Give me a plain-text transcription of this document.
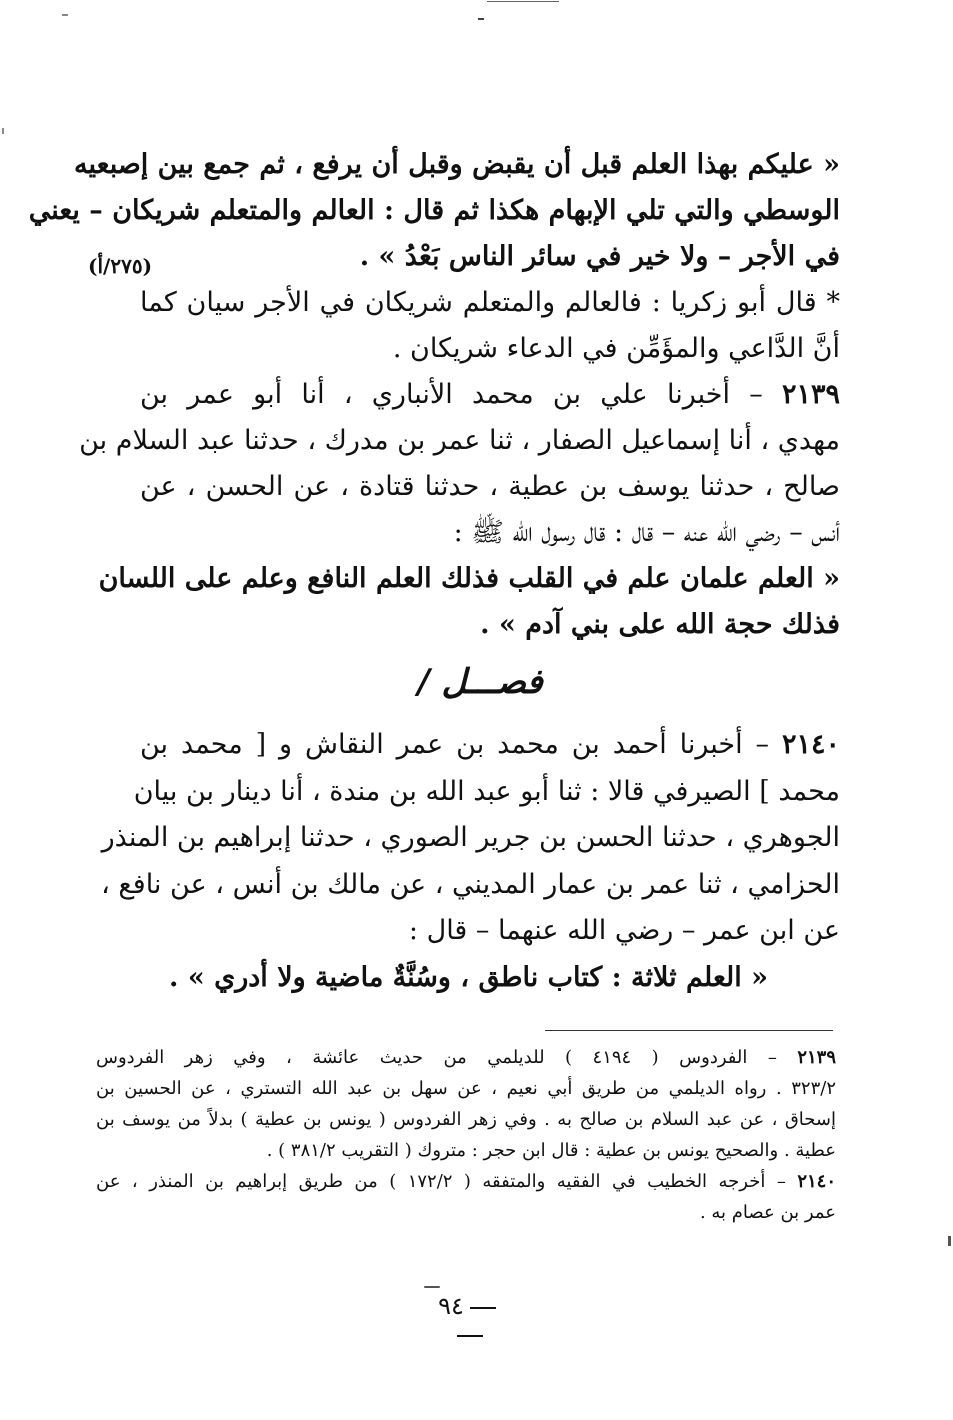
(٢٧٥/أ)
« عليكم بهذا العلم قبل أن يقبض وقبل أن يرفع ، ثم جمع بين إصبعيه
الوسطي والتي تلي الإبهام هكذا ثم قال : العالم والمتعلم شريكان – يعني
في الأجر – ولا خير في سائر الناس بَعْدُ » .
* قال أبو زكريا : فالعالم والمتعلم شريكان في الأجر سيان كما
أنَّ الدَّاعي والمؤَمِّن في الدعاء شريكان .
٢١٣٩ – أخبرنا علي بن محمد الأنباري ، أنا أبو عمر بن
مهدي ، أنا إسماعيل الصفار ، ثنا عمر بن مدرك ، حدثنا عبد السلام بن
صالح ، حدثنا يوسف بن عطية ، حدثنا قتادة ، عن الحسن ، عن
أنس – رضي الله عنه – قال : قال رسول الله ﷺ :
« العلم علمان علم في القلب فذلك العلم النافع وعلم على اللسان
فذلك حجة الله على بني آدم » .
فصـــل /
٢١٤٠ – أخبرنا أحمد بن محمد بن عمر النقاش و [ محمد بن
محمد ] الصيرفي قالا : ثنا أبو عبد الله بن مندة ، أنا دينار بن بيان
الجوهري ، حدثنا الحسن بن جرير الصوري ، حدثنا إبراهيم بن المنذر
الحزامي ، ثنا عمر بن عمار المديني ، عن مالك بن أنس ، عن نافع ،
عن ابن عمر – رضي الله عنهما – قال :
« العلم ثلاثة : كتاب ناطق ، وسُنَّةٌ ماضية ولا أدري » .
٢١٣٩ – الفردوس ( ٤١٩٤ ) للديلمي من حديث عائشة ، وفي زهر الفردوس
٣٢٣/٢ . رواه الديلمي من طريق أبي نعيم ، عن سهل بن عبد الله التستري ، عن الحسين بن
إسحاق ، عن عبد السلام بن صالح به . وفي زهر الفردوس ( يونس بن عطية ) بدلاً من يوسف بن
عطية . والصحيح يونس بن عطية : قال ابن حجر : متروك ( التقريب ٣٨١/٢ ) .
٢١٤٠ – أخرجه الخطيب في الفقيه والمتفقه ( ١٧٢/٢ ) من طريق إبراهيم بن المنذر ، عن
عمر بن عصام به .
٩٤
